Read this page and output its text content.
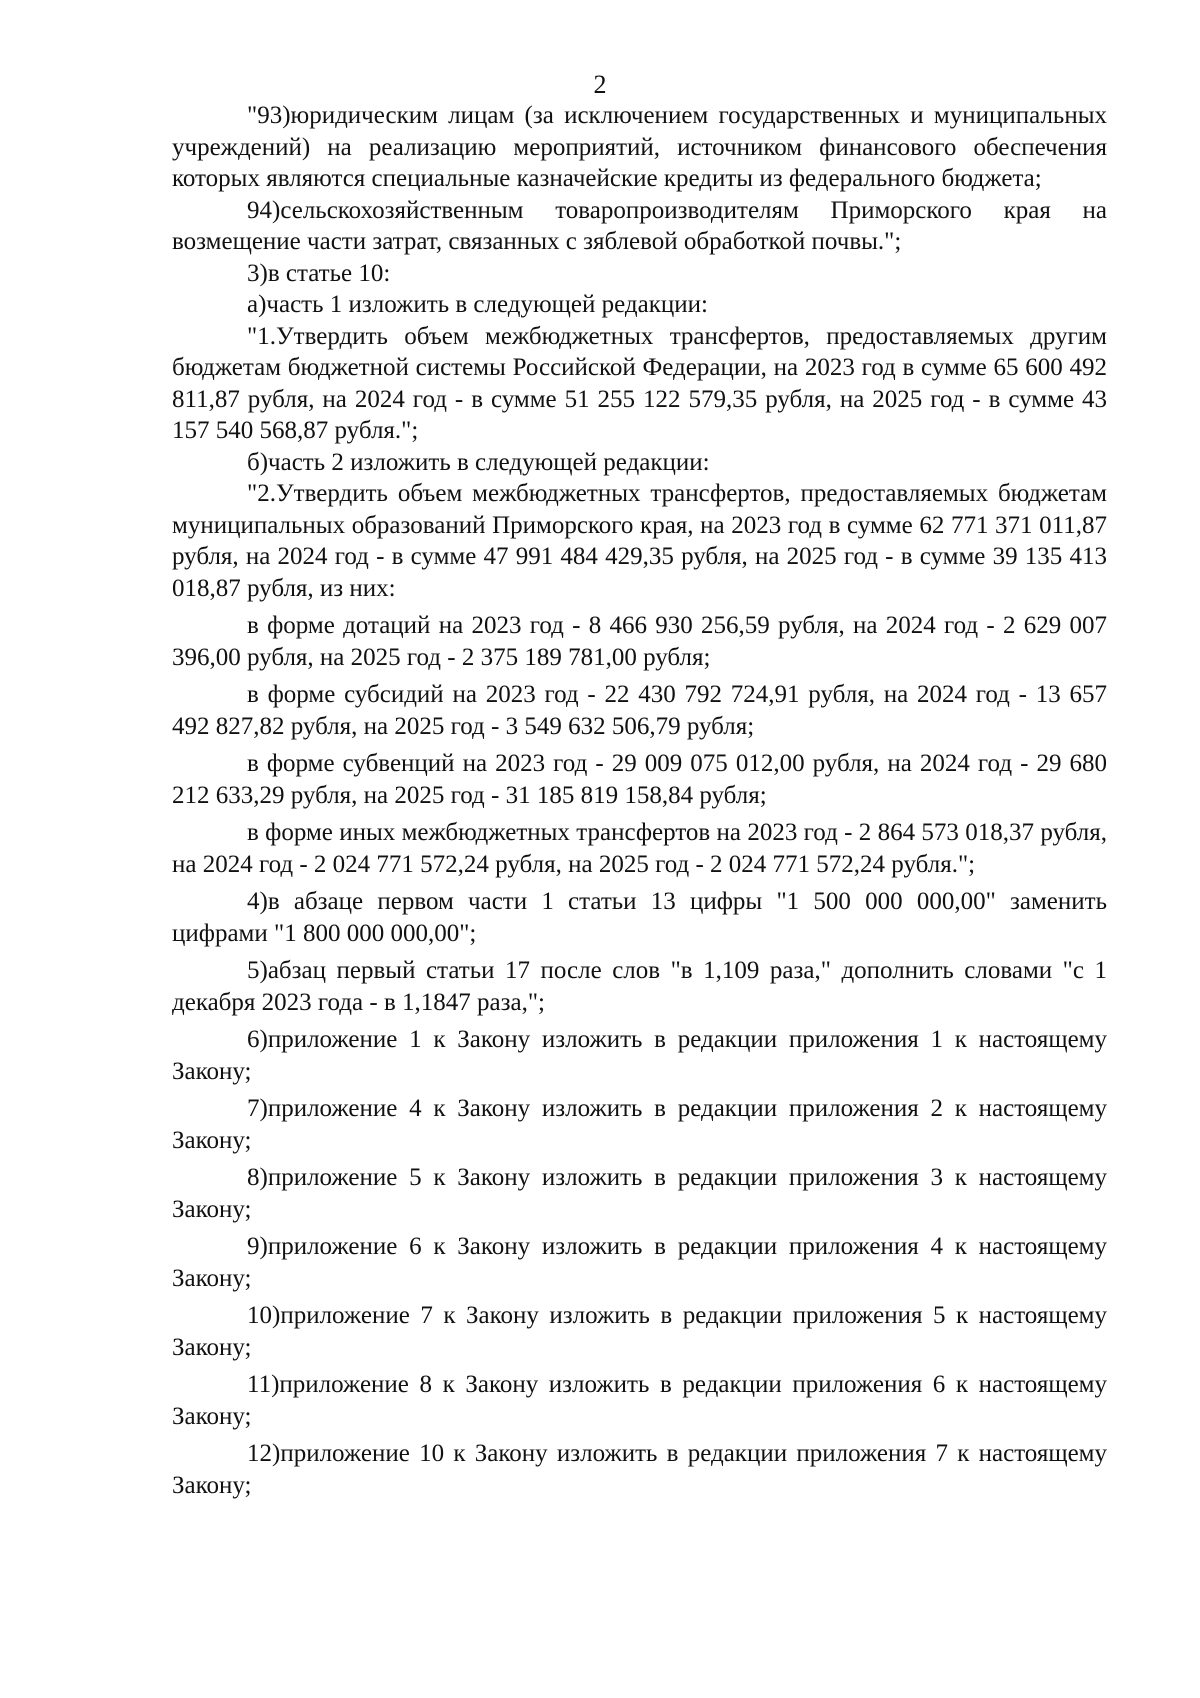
2

"93)юридическим лицам (за исключением государственных и муниципальных учреждений) на реализацию мероприятий, источником финансового обеспечения которых являются специальные казначейские кредиты из федерального бюджета;

94)сельскохозяйственным товаропроизводителям Приморского края на возмещение части затрат, связанных с зяблевой обработкой почвы.";

3)в статье 10:

а)часть 1 изложить в следующей редакции:

"1.Утвердить объем межбюджетных трансфертов, предоставляемых другим бюджетам бюджетной системы Российской Федерации, на 2023 год в сумме 65 600 492 811,87 рубля, на 2024 год - в сумме 51 255 122 579,35 рубля, на 2025 год - в сумме 43 157 540 568,87 рубля.";

б)часть 2 изложить в следующей редакции:

"2.Утвердить объем межбюджетных трансфертов, предоставляемых бюджетам муниципальных образований Приморского края, на 2023 год в сумме 62 771 371 011,87 рубля, на 2024 год - в сумме 47 991 484 429,35 рубля, на 2025 год - в сумме 39 135 413 018,87 рубля, из них:

в форме дотаций на 2023 год - 8 466 930 256,59 рубля, на 2024 год - 2 629 007 396,00 рубля, на 2025 год - 2 375 189 781,00 рубля;

в форме субсидий на 2023 год - 22 430 792 724,91 рубля, на 2024 год - 13 657 492 827,82 рубля, на 2025 год - 3 549 632 506,79 рубля;

в форме субвенций на 2023 год - 29 009 075 012,00 рубля, на 2024 год - 29 680 212 633,29 рубля, на 2025 год - 31 185 819 158,84 рубля;

в форме иных межбюджетных трансфертов на 2023 год - 2 864 573 018,37 рубля, на 2024 год - 2 024 771 572,24 рубля, на 2025 год - 2 024 771 572,24 рубля.";

4)в абзаце первом части 1 статьи 13 цифры "1 500 000 000,00" заменить цифрами "1 800 000 000,00";

5)абзац первый статьи 17 после слов "в 1,109 раза," дополнить словами "с 1 декабря 2023 года - в 1,1847 раза,";

6)приложение 1 к Закону изложить в редакции приложения 1 к настоящему Закону;

7)приложение 4 к Закону изложить в редакции приложения 2 к настоящему Закону;

8)приложение 5 к Закону изложить в редакции приложения 3 к настоящему Закону;

9)приложение 6 к Закону изложить в редакции приложения 4 к настоящему Закону;

10)приложение 7 к Закону изложить в редакции приложения 5 к настоящему Закону;

11)приложение 8 к Закону изложить в редакции приложения 6 к настоящему Закону;

12)приложение 10 к Закону изложить в редакции приложения 7 к настоящему Закону;
